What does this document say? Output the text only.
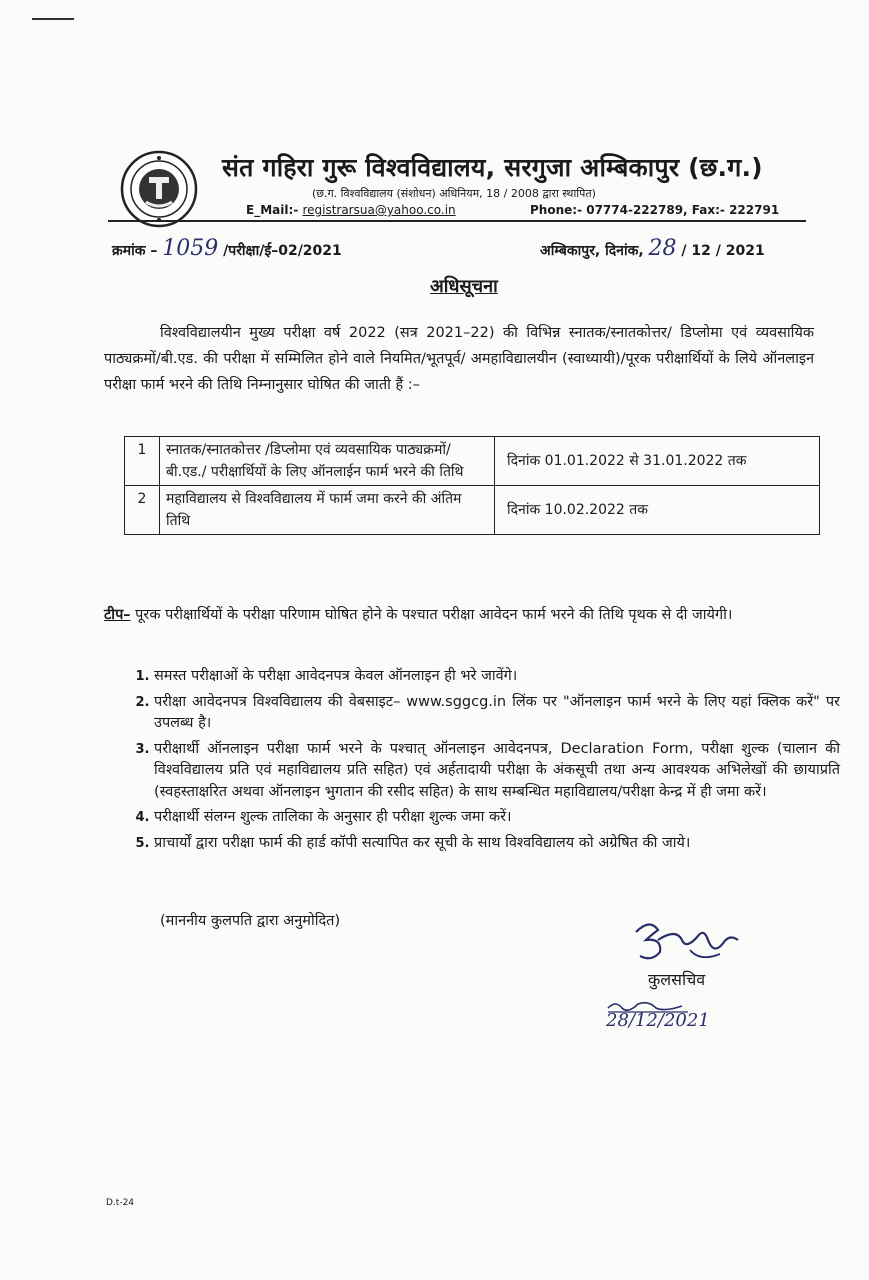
संत गहिरा गुरू विश्वविद्यालय, सरगुजा अम्बिकापुर (छ.ग.)
(छ.ग. विश्वविद्यालय (संशोधन) अधिनियम, 18 / 2008 द्वारा स्थापित)
E_Mail:- registrarsua@yahoo.co.in	Phone:- 07774-222789, Fax:- 222791
क्रमांक – 1059 /परीक्षा/ई–02/2021	अम्बिकापुर, दिनांक, 28 / 12 / 2021
अधिसूचना
विश्वविद्यालयीन मुख्य परीक्षा वर्ष 2022 (सत्र 2021–22) की विभिन्न स्नातक/स्नातकोत्तर/ डिप्लोमा एवं व्यवसायिक पाठ्यक्रमों/बी.एड. की परीक्षा में सम्मिलित होने वाले नियमित/भूतपूर्व/ अमहाविद्यालयीन (स्वाध्यायी)/पूरक परीक्षार्थियों के लिये ऑनलाइन परीक्षा फार्म भरने की तिथि निम्नानुसार घोषित की जाती हैं :–
1	स्नातक/स्नातकोत्तर /डिप्लोमा एवं व्यवसायिक पाठ्यक्रमों/बी.एड./ परीक्षार्थियों के लिए ऑनलाईन फार्म भरने की तिथि	दिनांक 01.01.2022 से 31.01.2022 तक
2	महाविद्यालय से विश्वविद्यालय में फार्म जमा करने की अंतिम तिथि	दिनांक 10.02.2022 तक
टीप– पूरक परीक्षार्थियों के परीक्षा परिणाम घोषित होने के पश्चात परीक्षा आवेदन फार्म भरने की तिथि पृथक से दी जायेगी।
1. समस्त परीक्षाओं के परीक्षा आवेदनपत्र केवल ऑनलाइन ही भरे जावेंगे।
2. परीक्षा आवेदनपत्र विश्वविद्यालय की वेबसाइट– www.sggcg.in लिंक पर "ऑनलाइन फार्म भरने के लिए यहां क्लिक करें" पर उपलब्ध है।
3. परीक्षार्थी ऑनलाइन परीक्षा फार्म भरने के पश्चात् ऑनलाइन आवेदनपत्र, Declaration Form, परीक्षा शुल्क (चालान की विश्वविद्यालय प्रति एवं महाविद्यालय प्रति सहित) एवं अर्हतादायी परीक्षा के अंकसूची तथा अन्य आवश्यक अभिलेखों की छायाप्रति (स्वहस्ताक्षरित अथवा ऑनलाइन भुगतान की रसीद सहित) के साथ सम्बन्धित महाविद्यालय/परीक्षा केन्द्र में ही जमा करें।
4. परीक्षार्थी संलग्न शुल्क तालिका के अनुसार ही परीक्षा शुल्क जमा करें।
5. प्राचार्यों द्वारा परीक्षा फार्म की हार्ड कॉपी सत्यापित कर सूची के साथ विश्वविद्यालय को अग्रेषित की जाये।
(माननीय कुलपति द्वारा अनुमोदित)
कुलसचिव
28/12/2021
D.t-24
